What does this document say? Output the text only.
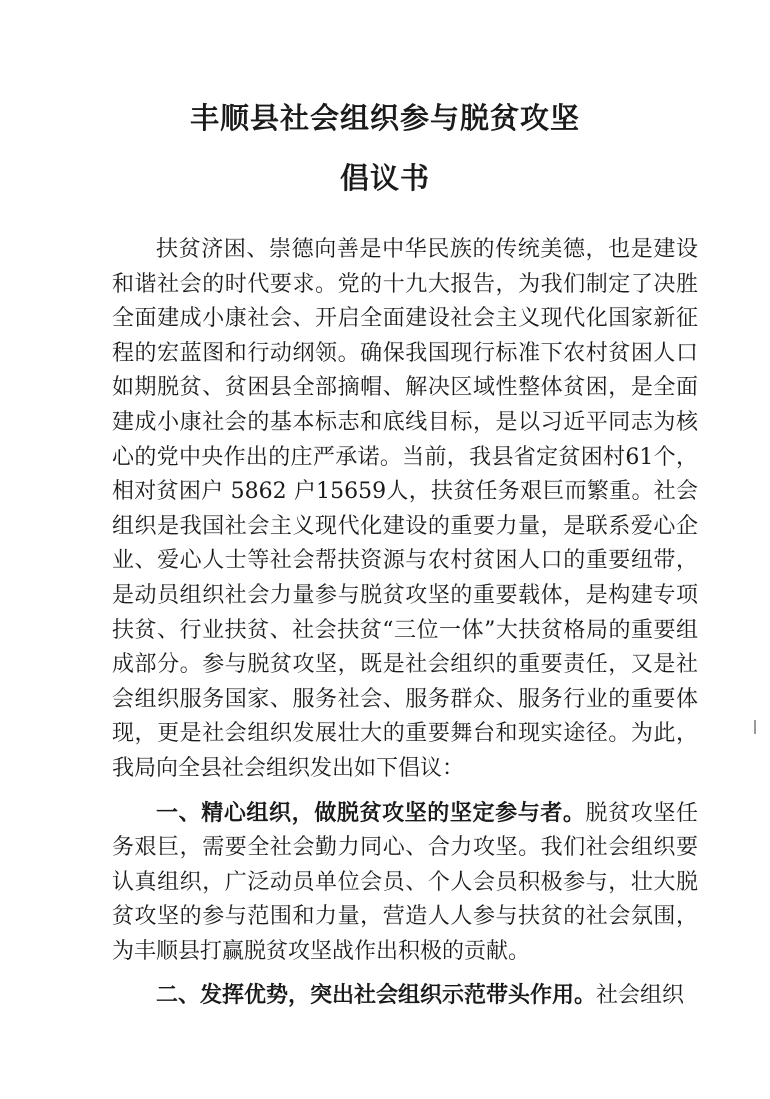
丰顺县社会组织参与脱贫攻坚
倡议书

扶贫济困、崇德向善是中华民族的传统美德，也是建设和谐社会的时代要求。党的十九大报告，为我们制定了决胜全面建成小康社会、开启全面建设社会主义现代化国家新征程的宏蓝图和行动纲领。确保我国现行标准下农村贫困人口如期脱贫、贫困县全部摘帽、解决区域性整体贫困，是全面建成小康社会的基本标志和底线目标，是以习近平同志为核心的党中央作出的庄严承诺。当前，我县省定贫困村61个，相对贫困户 5862 户15659人，扶贫任务艰巨而繁重。社会组织是我国社会主义现代化建设的重要力量，是联系爱心企业、爱心人士等社会帮扶资源与农村贫困人口的重要纽带，是动员组织社会力量参与脱贫攻坚的重要载体，是构建专项扶贫、行业扶贫、社会扶贫“三位一体”大扶贫格局的重要组成部分。参与脱贫攻坚，既是社会组织的重要责任，又是社会组织服务国家、服务社会、服务群众、服务行业的重要体现，更是社会组织发展壮大的重要舞台和现实途径。为此，我局向全县社会组织发出如下倡议：

一、精心组织，做脱贫攻坚的坚定参与者。脱贫攻坚任务艰巨，需要全社会勤力同心、合力攻坚。我们社会组织要认真组织，广泛动员单位会员、个人会员积极参与，壮大脱贫攻坚的参与范围和力量，营造人人参与扶贫的社会氛围，为丰顺县打赢脱贫攻坚战作出积极的贡献。

二、发挥优势，突出社会组织示范带头作用。社会组织
